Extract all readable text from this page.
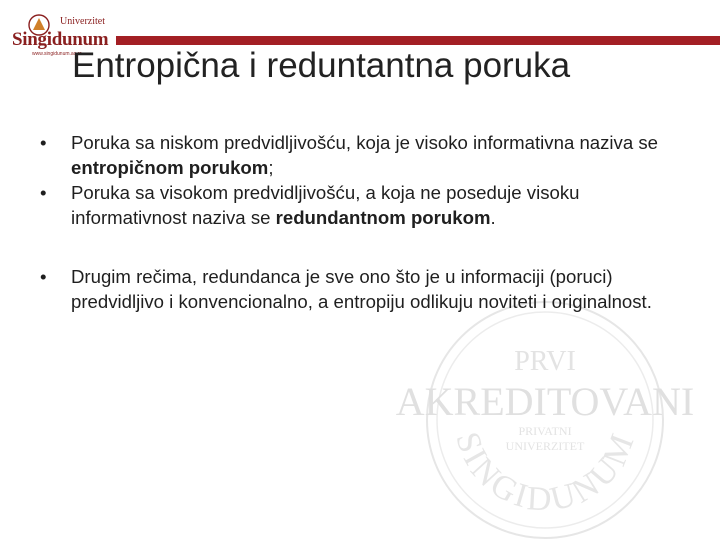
Univerzitet
Singidunum
www.singidunum.ac.rs
Entropična i reduntantna poruka
PRVI
AKREDITOVANI
PRIVATNI
UNIVERZITET
SINGIDUNUM
• Poruka sa niskom predvidljivošću, koja je visoko informativna naziva se entropičnom porukom;
• Poruka sa visokom predvidljivošću, a koja ne poseduje visoku informativnost naziva se redundantnom porukom.
• Drugim rečima, redundanca je sve ono što je u informaciji (poruci) predvidljivo i konvencionalno, a entropiju odlikuju noviteti i originalnost.
